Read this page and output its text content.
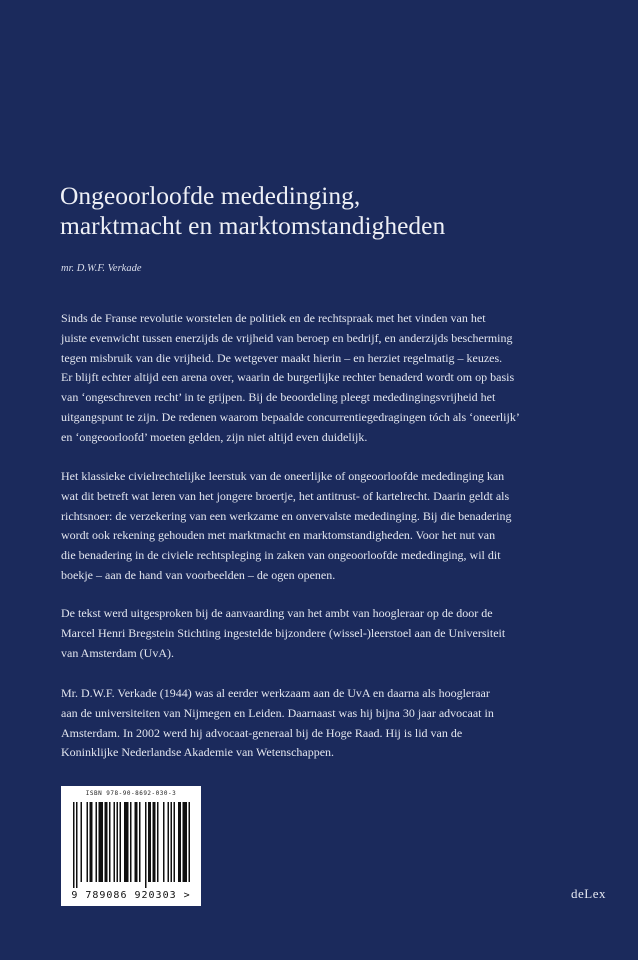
Ongeoorloofde mededinging,
marktmacht en marktomstandigheden
mr. D.W.F. Verkade

Sinds de Franse revolutie worstelen de politiek en de rechtspraak met het vinden van het
juiste evenwicht tussen enerzijds de vrijheid van beroep en bedrijf, en anderzijds bescherming
tegen misbruik van die vrijheid. De wetgever maakt hierin – en herziet regelmatig – keuzes.
Er blijft echter altijd een arena over, waarin de burgerlijke rechter benaderd wordt om op basis
van ‘ongeschreven recht’ in te grijpen. Bij de beoordeling pleegt mededingingsvrijheid het
uitgangspunt te zijn. De redenen waarom bepaalde concurrentiegedragingen tóch als ‘oneerlijk’
en ‘ongeoorloofd’ moeten gelden, zijn niet altijd even duidelijk.

Het klassieke civielrechtelijke leerstuk van de oneerlijke of ongeoorloofde mededinging kan
wat dit betreft wat leren van het jongere broertje, het antitrust- of kartelrecht. Daarin geldt als
richtsnoer: de verzekering van een werkzame en onvervalste mededinging. Bij die benadering
wordt ook rekening gehouden met marktmacht en marktomstandigheden. Voor het nut van
die benadering in de civiele rechtspleging in zaken van ongeoorloofde mededinging, wil dit
boekje – aan de hand van voorbeelden – de ogen openen.

De tekst werd uitgesproken bij de aanvaarding van het ambt van hoogleraar op de door de
Marcel Henri Bregstein Stichting ingestelde bijzondere (wissel-)leerstoel aan de Universiteit
van Amsterdam (UvA).

Mr. D.W.F. Verkade (1944) was al eerder werkzaam aan de UvA en daarna als hoogleraar
aan de universiteiten van Nijmegen en Leiden. Daarnaast was hij bijna 30 jaar advocaat in
Amsterdam. In 2002 werd hij advocaat-generaal bij de Hoge Raad. Hij is lid van de
Koninklijke Nederlandse Akademie van Wetenschappen.

ISBN 978-90-8692-030-3
9 789086 920303 >	deLex
